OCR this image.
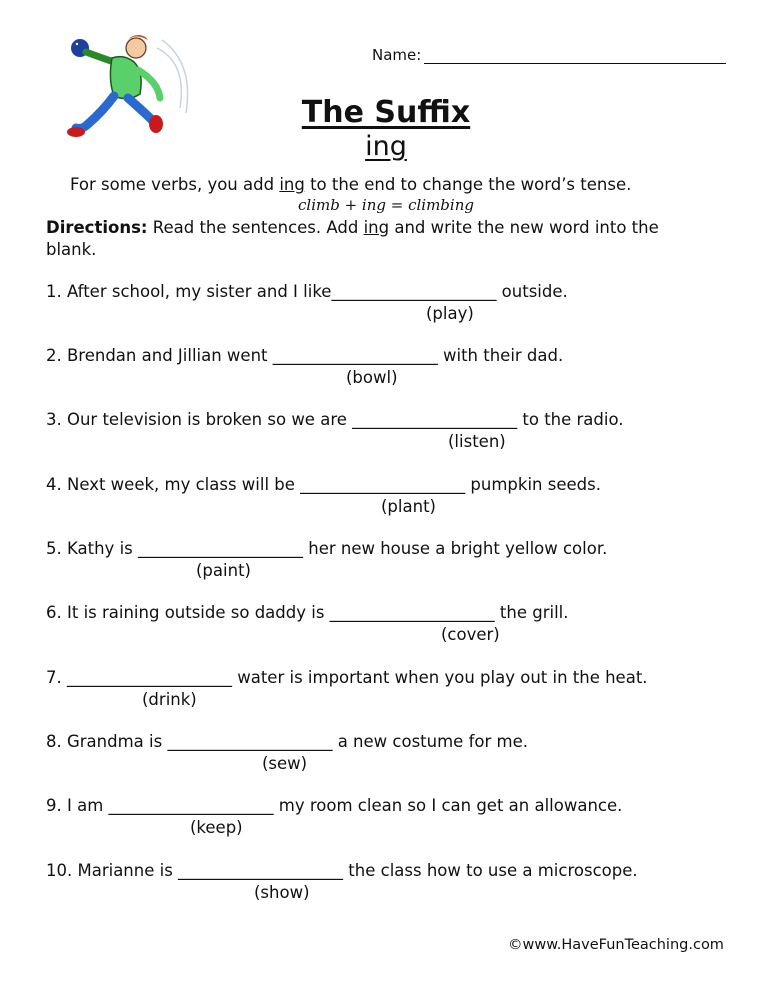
Name:
The Suffix
ing
For some verbs, you add ing to the end to change the word’s tense.
climb + ing = climbing
Directions: Read the sentences. Add ing and write the new word into the blank.
1. After school, my sister and I like____________________ outside.
(play)
2. Brendan and Jillian went ____________________ with their dad.
(bowl)
3. Our television is broken so we are ____________________ to the radio.
(listen)
4. Next week, my class will be ____________________ pumpkin seeds.
(plant)
5. Kathy is ____________________ her new house a bright yellow color.
(paint)
6. It is raining outside so daddy is ____________________ the grill.
(cover)
7. ____________________ water is important when you play out in the heat.
(drink)
8. Grandma is ____________________ a new costume for me.
(sew)
9. I am ____________________ my room clean so I can get an allowance.
(keep)
10. Marianne is ____________________ the class how to use a microscope.
(show)
©www.HaveFunTeaching.com
